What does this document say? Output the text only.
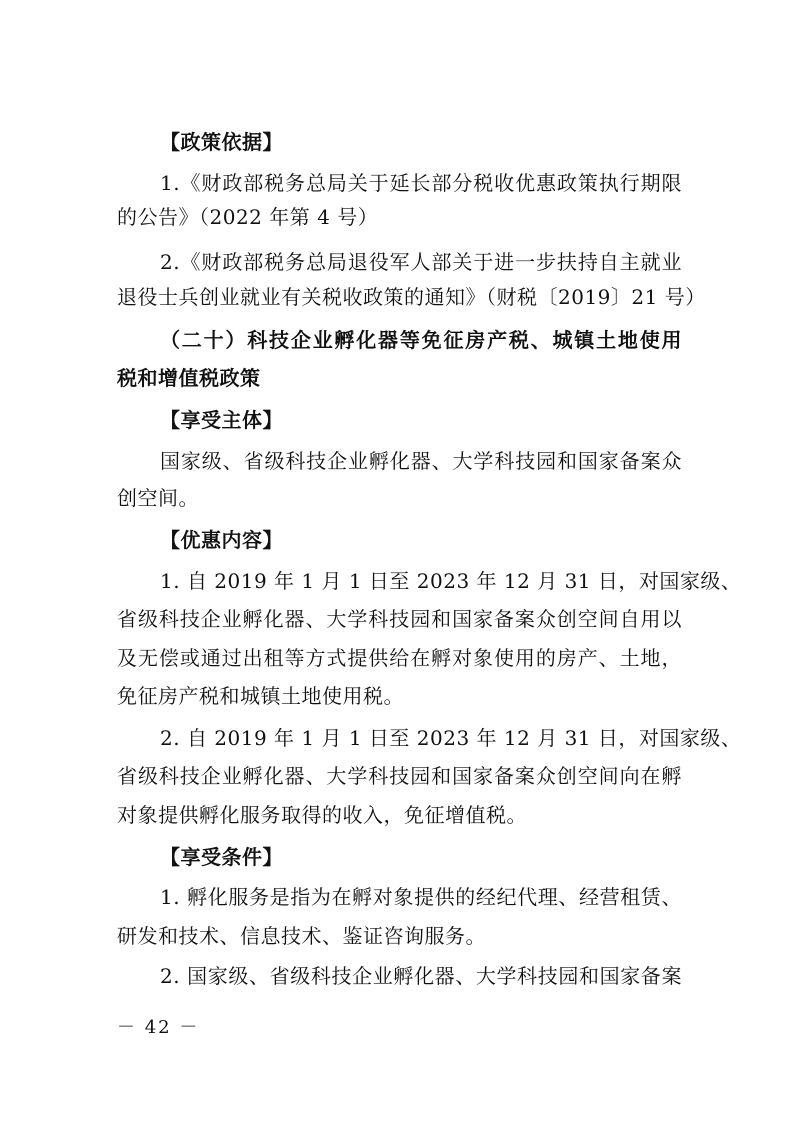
【政策依据】
1.《财政部税务总局关于延长部分税收优惠政策执行期限
的公告》（2022 年第 4 号）
2.《财政部税务总局退役军人部关于进一步扶持自主就业
退役士兵创业就业有关税收政策的通知》（财税〔2019〕21 号）
（二十）科技企业孵化器等免征房产税、城镇土地使用
税和增值税政策
【享受主体】
国家级、省级科技企业孵化器、大学科技园和国家备案众
创空间。
【优惠内容】
1. 自 2019 年 1 月 1 日至 2023 年 12 月 31 日，对国家级、
省级科技企业孵化器、大学科技园和国家备案众创空间自用以
及无偿或通过出租等方式提供给在孵对象使用的房产、土地，
免征房产税和城镇土地使用税。
2. 自 2019 年 1 月 1 日至 2023 年 12 月 31 日，对国家级、
省级科技企业孵化器、大学科技园和国家备案众创空间向在孵
对象提供孵化服务取得的收入，免征增值税。
【享受条件】
1. 孵化服务是指为在孵对象提供的经纪代理、经营租赁、
研发和技术、信息技术、鉴证咨询服务。
2. 国家级、省级科技企业孵化器、大学科技园和国家备案
－ 42 －
